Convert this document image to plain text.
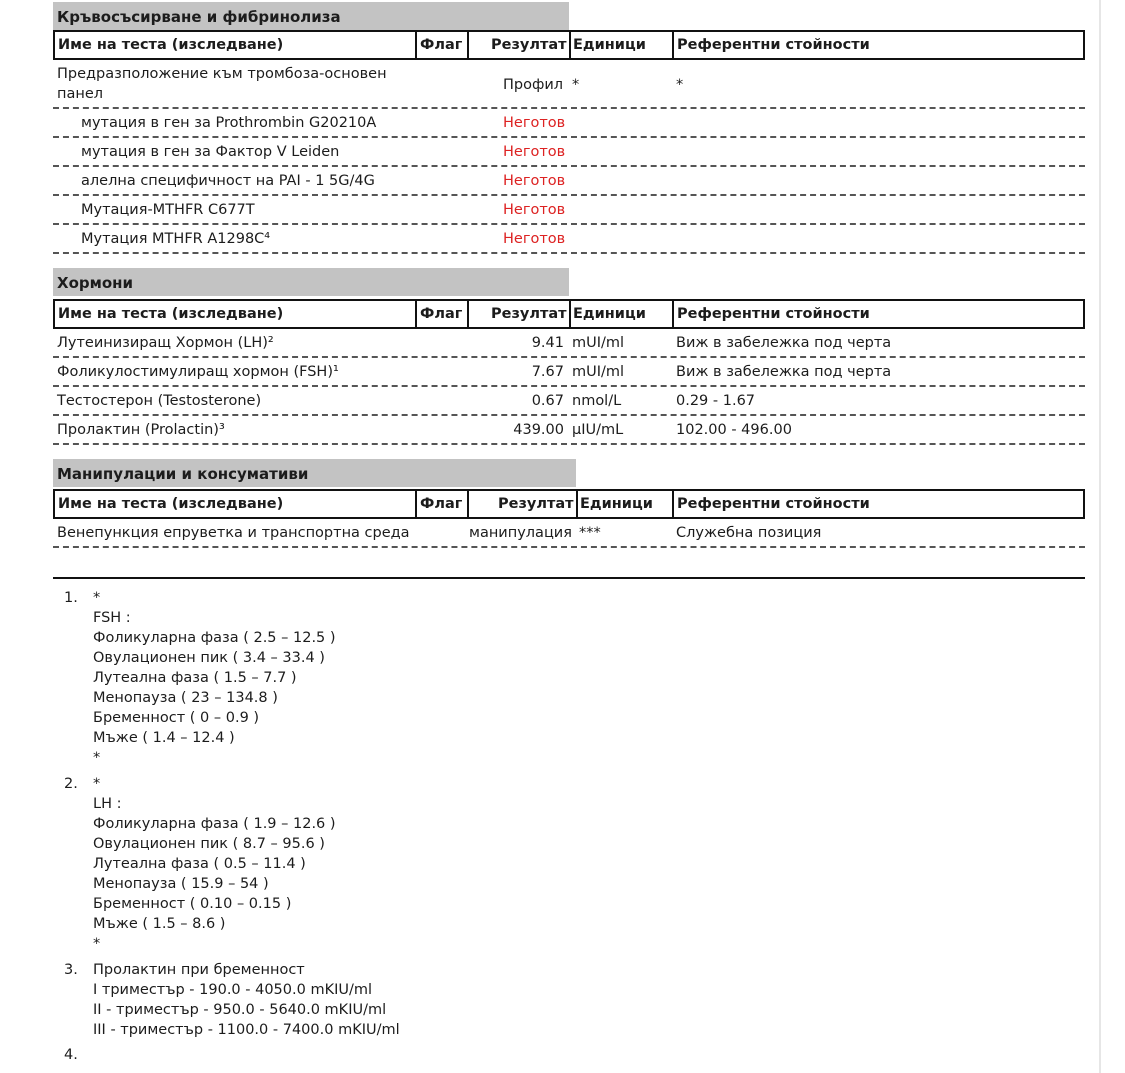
Кръвосъсирване и фибринолиза
Име на теста (изследване)	Флаг Резултат Единици Референтни стойности
Предразположение към тромбоза-основен
панел
Профил *	*
мутация в ген за Prothrombin G20210A	Неготов
мутация в ген за Фактор V Leiden	Неготов
алелна специфичност на PAI - 1 5G/4G	Неготов
Мутация-MTHFR C677T	Неготов
Мутация MTHFR A1298C⁴	Неготов
Хормони
Име на теста (изследване)	Флаг Резултат Единици Референтни стойности
Лутеинизиращ Хормон (LH)²	9.41 mUI/ml	Виж в забележка под черта
Фоликулостимулиращ хормон (FSH)¹	7.67 mUI/ml	Виж в забележка под черта
Тестостерон (Testosterone)	0.67 nmol/L	0.29 - 1.67
Пролактин (Prolactin)³	439.00 µIU/mL	102.00 - 496.00
Манипулации и консумативи
Име на теста (изследване)	Флаг Резултат Единици Референтни стойности
Венепункция епрувeтка и транспортна среда	манипулация ***	Служебна позиция
1. *
FSH :
Фоликуларна фаза ( 2.5 – 12.5 )
Овулационен пик ( 3.4 – 33.4 )
Лутеална фаза ( 1.5 – 7.7 )
Менопауза ( 23 – 134.8 )
Бременност ( 0 – 0.9 )
Мъже ( 1.4 – 12.4 )
*
2. *
LH :
Фоликуларна фаза ( 1.9 – 12.6 )
Овулационен пик ( 8.7 – 95.6 )
Лутеална фаза ( 0.5 – 11.4 )
Менопауза ( 15.9 – 54 )
Бременност ( 0.10 – 0.15 )
Мъже ( 1.5 – 8.6 )
*
3. Пролактин при бременност
I триместър - 190.0 - 4050.0 mKIU/ml
II - триместър - 950.0 - 5640.0 mKIU/ml
III - триместър - 1100.0 - 7400.0 mKIU/ml
4.
